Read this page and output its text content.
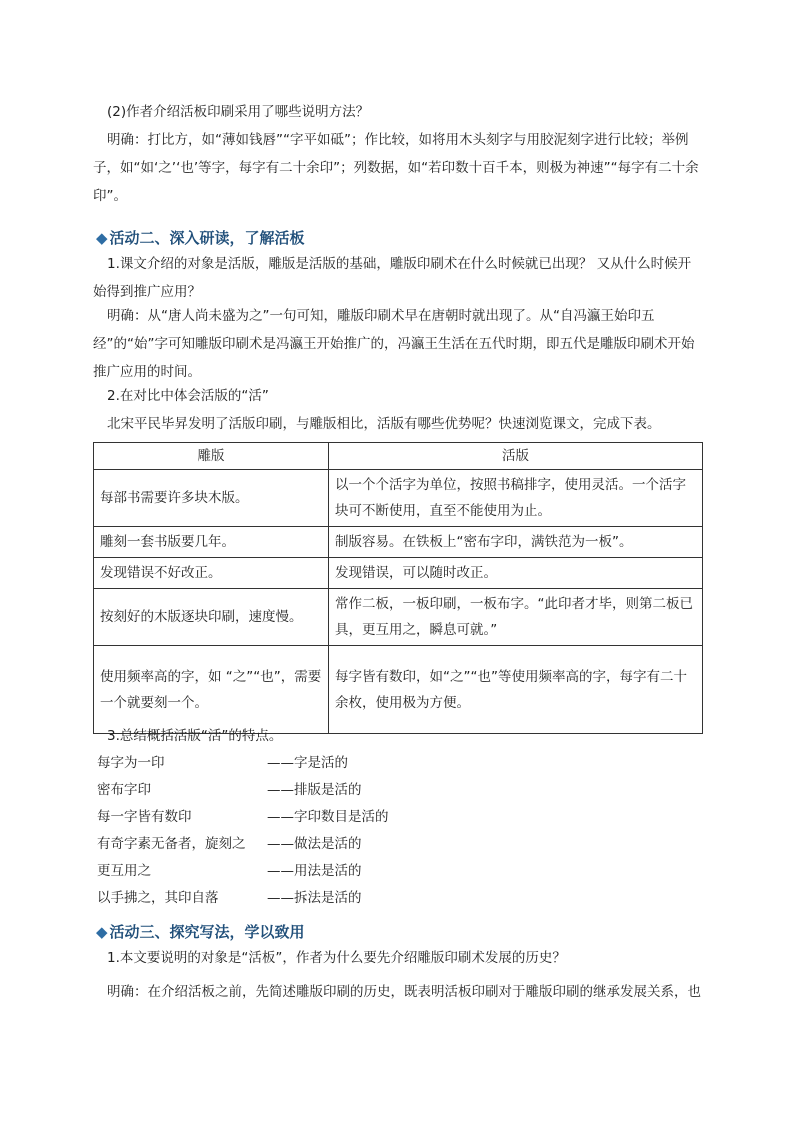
(2)作者介绍活板印刷采用了哪些说明方法？

明确：打比方，如“薄如钱唇”“字平如砥”；作比较，如将用木头刻字与用胶泥刻字进行比较；举例子，如“如‘之’‘也’等字，每字有二十余印”；列数据，如“若印数十百千本，则极为神速”“每字有二十余印”。

◆ 活动二、深入研读，了解活板

1.课文介绍的对象是活版，雕版是活版的基础，雕版印刷术在什么时候就已出现？ 又从什么时候开始得到推广应用？

明确：从“唐人尚未盛为之”一句可知，雕版印刷术早在唐朝时就出现了。从“自冯瀛王始印五经”的“始”字可知雕版印刷术是冯瀛王开始推广的，冯瀛王生活在五代时期，即五代是雕版印刷术开始推广应用的时间。

2.在对比中体会活版的“活”

北宋平民毕昇发明了活版印刷，与雕版相比，活版有哪些优势呢？快速浏览课文，完成下表。

雕版	活版
每部书需要许多块木版。	以一个个活字为单位，按照书稿排字，使用灵活。一个活字块可不断使用，直至不能使用为止。
雕刻一套书版要几年。	制版容易。在铁板上“密布字印，满铁范为一板”。
发现错误不好改正。	发现错误，可以随时改正。
按刻好的木版逐块印刷，速度慢。	常作二板，一板印刷，一板布字。“此印者才毕，则第二板已具，更互用之，瞬息可就。”
使用频率高的字，如 “之”“也”，需要一个就要刻一个。	每字皆有数印，如“之”“也”等使用频率高的字，每字有二十余枚，使用极为方便。

3.总结概括活版“活”的特点。

每字为一印	——字是活的
密布字印	——排版是活的
每一字皆有数印	——字印数目是活的
有奇字素无备者，旋刻之 ——做法是活的
更互用之	——用法是活的
以手拂之，其印自落	——拆法是活的
◆ 活动三、探究写法，学以致用

1.本文要说明的对象是“活板”，作者为什么要先介绍雕版印刷术发展的历史？

明确：在介绍活板之前，先简述雕版印刷的历史，既表明活板印刷对于雕版印刷的继承发展关系，也
